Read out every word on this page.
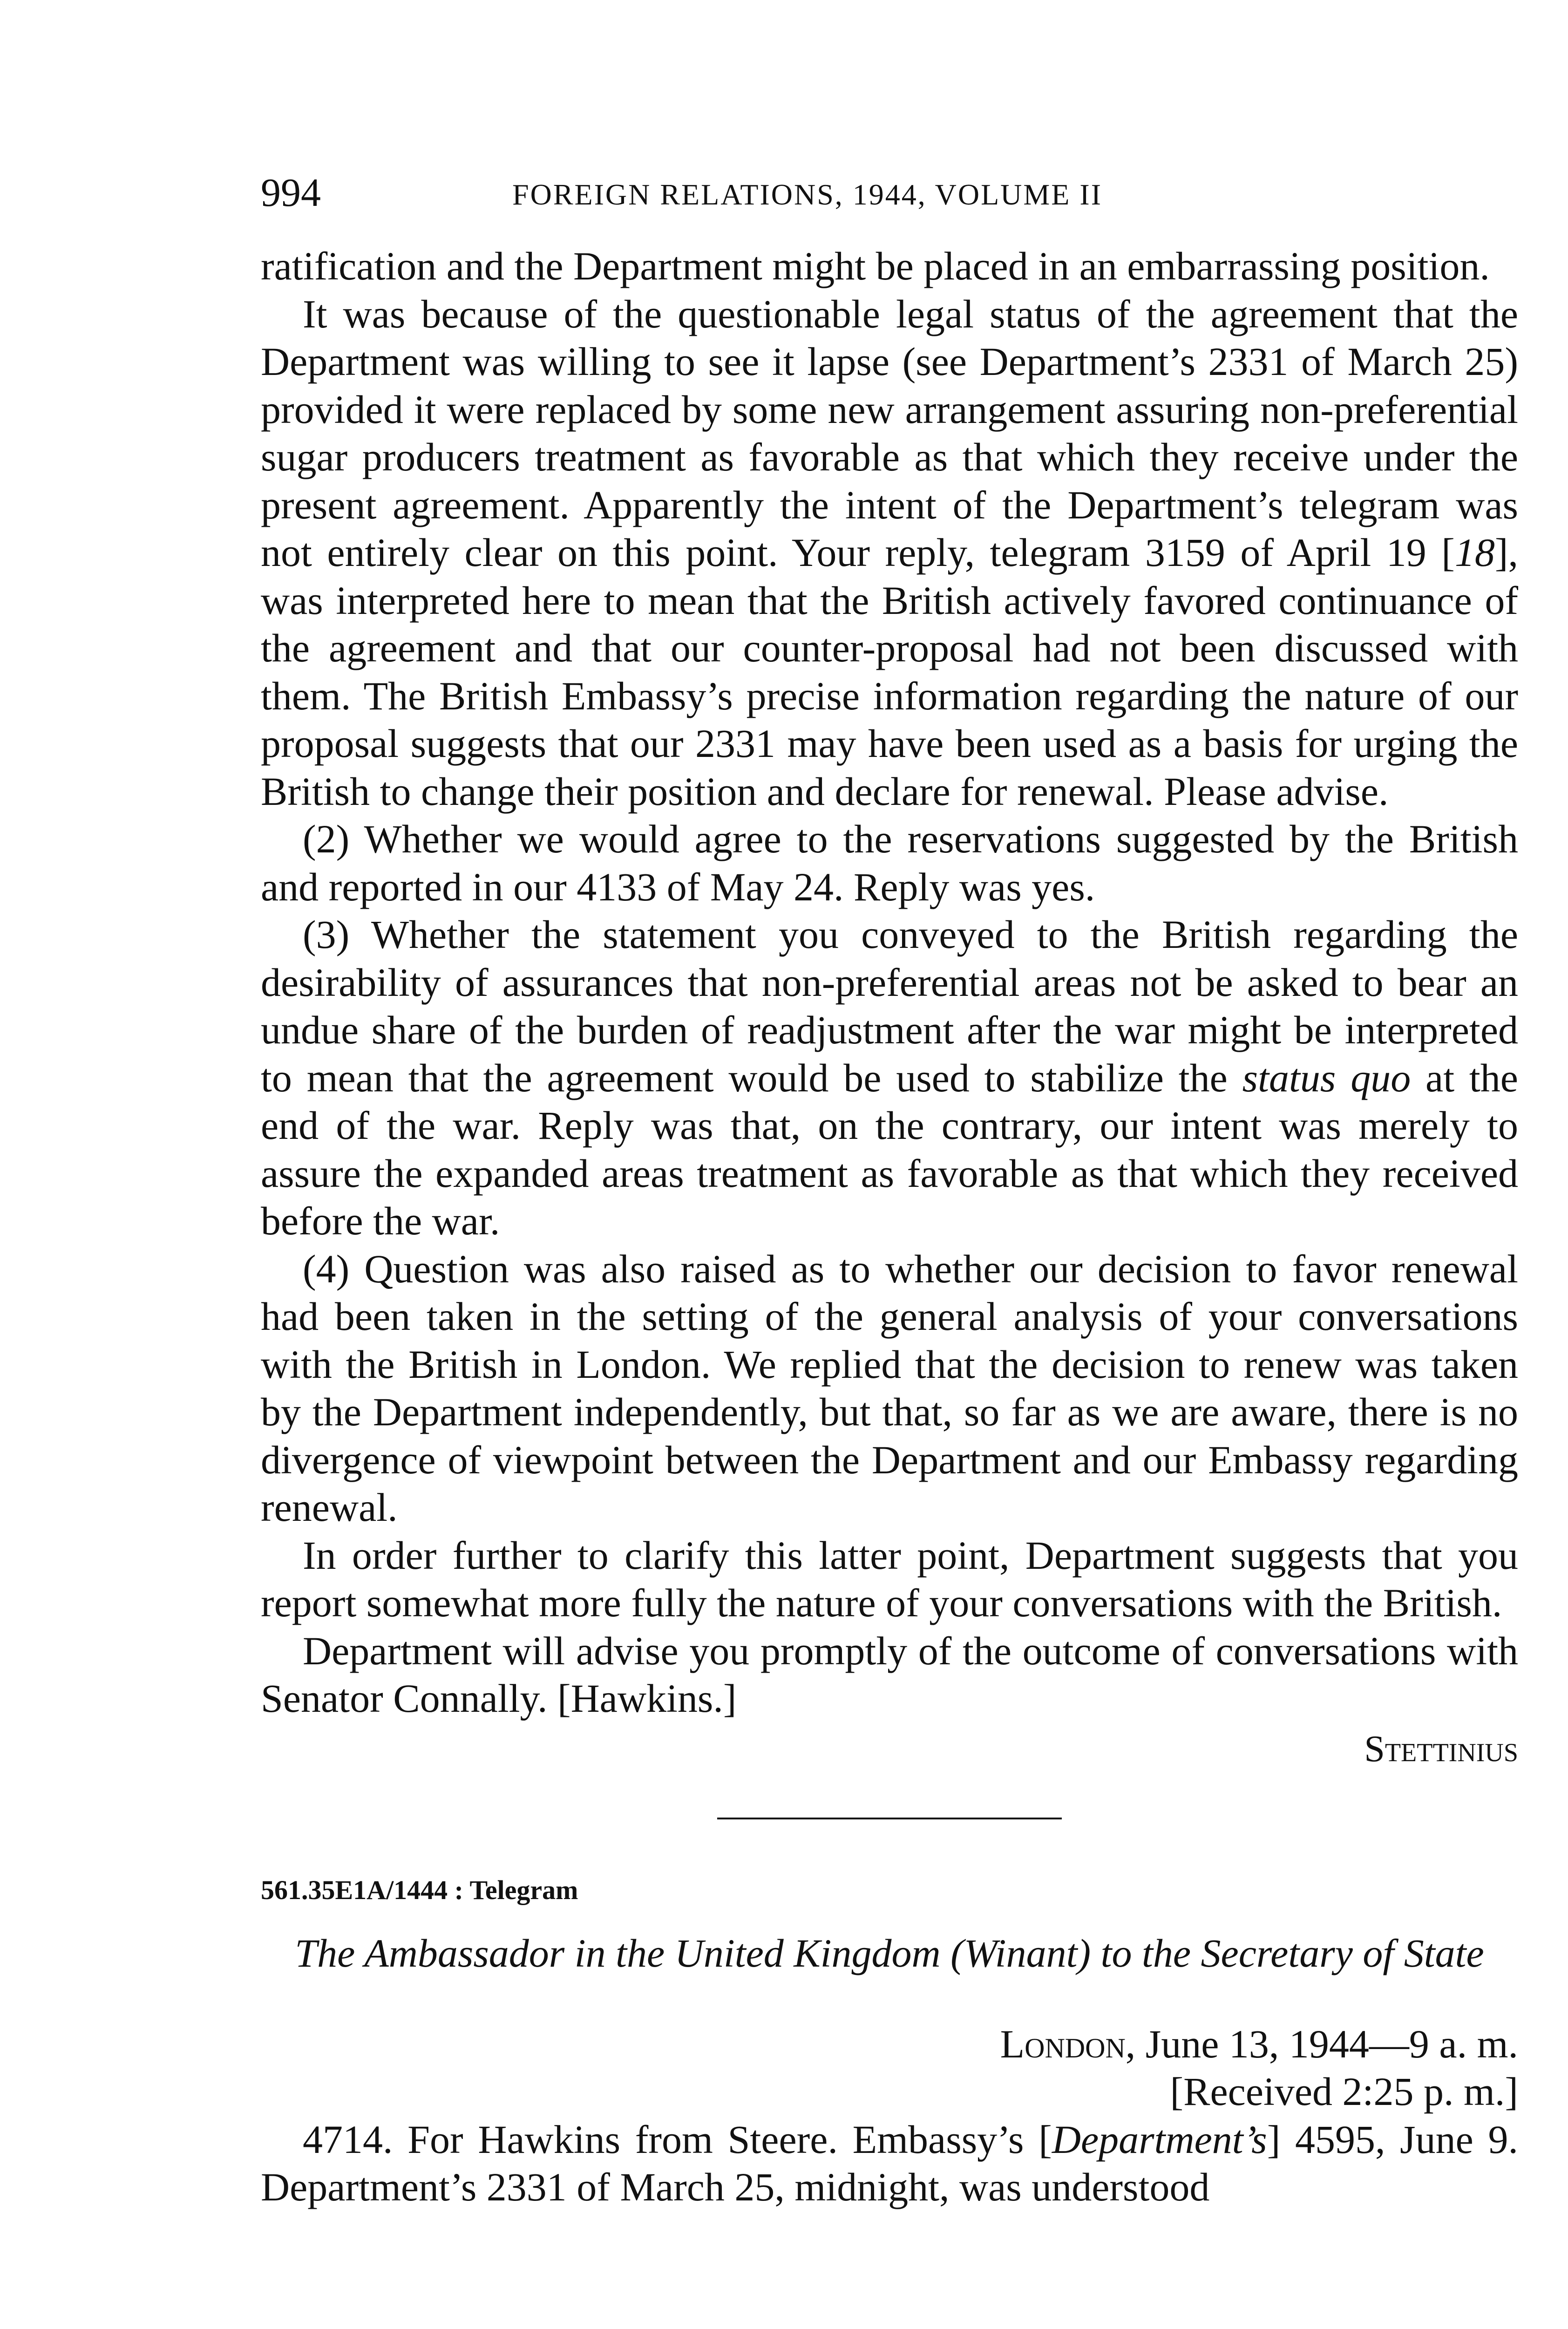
994	FOREIGN RELATIONS, 1944, VOLUME II

ratification and the Department might be placed in an embarrassing position.

It was because of the questionable legal status of the agreement that the Department was willing to see it lapse (see Department’s 2331 of March 25) provided it were replaced by some new arrangement assuring non-preferential sugar producers treatment as favorable as that which they receive under the present agreement. Apparently the intent of the Department’s telegram was not entirely clear on this point. Your reply, telegram 3159 of April 19 [18], was interpreted here to mean that the British actively favored continuance of the agreement and that our counter-proposal had not been discussed with them. The British Embassy’s precise information regarding the nature of our proposal suggests that our 2331 may have been used as a basis for urging the British to change their position and declare for renewal. Please advise.

(2) Whether we would agree to the reservations suggested by the British and reported in our 4133 of May 24. Reply was yes.

(3) Whether the statement you conveyed to the British regarding the desirability of assurances that non-preferential areas not be asked to bear an undue share of the burden of readjustment after the war might be interpreted to mean that the agreement would be used to stabilize the status quo at the end of the war. Reply was that, on the contrary, our intent was merely to assure the expanded areas treatment as favorable as that which they received before the war.

(4) Question was also raised as to whether our decision to favor renewal had been taken in the setting of the general analysis of your conversations with the British in London. We replied that the decision to renew was taken by the Department independently, but that, so far as we are aware, there is no divergence of viewpoint between the Department and our Embassy regarding renewal.

In order further to clarify this latter point, Department suggests that you report somewhat more fully the nature of your conversations with the British.

Department will advise you promptly of the outcome of conversations with Senator Connally. [Hawkins.]

Stettinius

561.35E1A/1444 : Telegram

The Ambassador in the United Kingdom (Winant) to the Secretary of State

London, June 13, 1944—9 a. m.

[Received 2:25 p. m.]

4714. For Hawkins from Steere. Embassy’s [Department’s] 4595, June 9. Department’s 2331 of March 25, midnight, was understood
